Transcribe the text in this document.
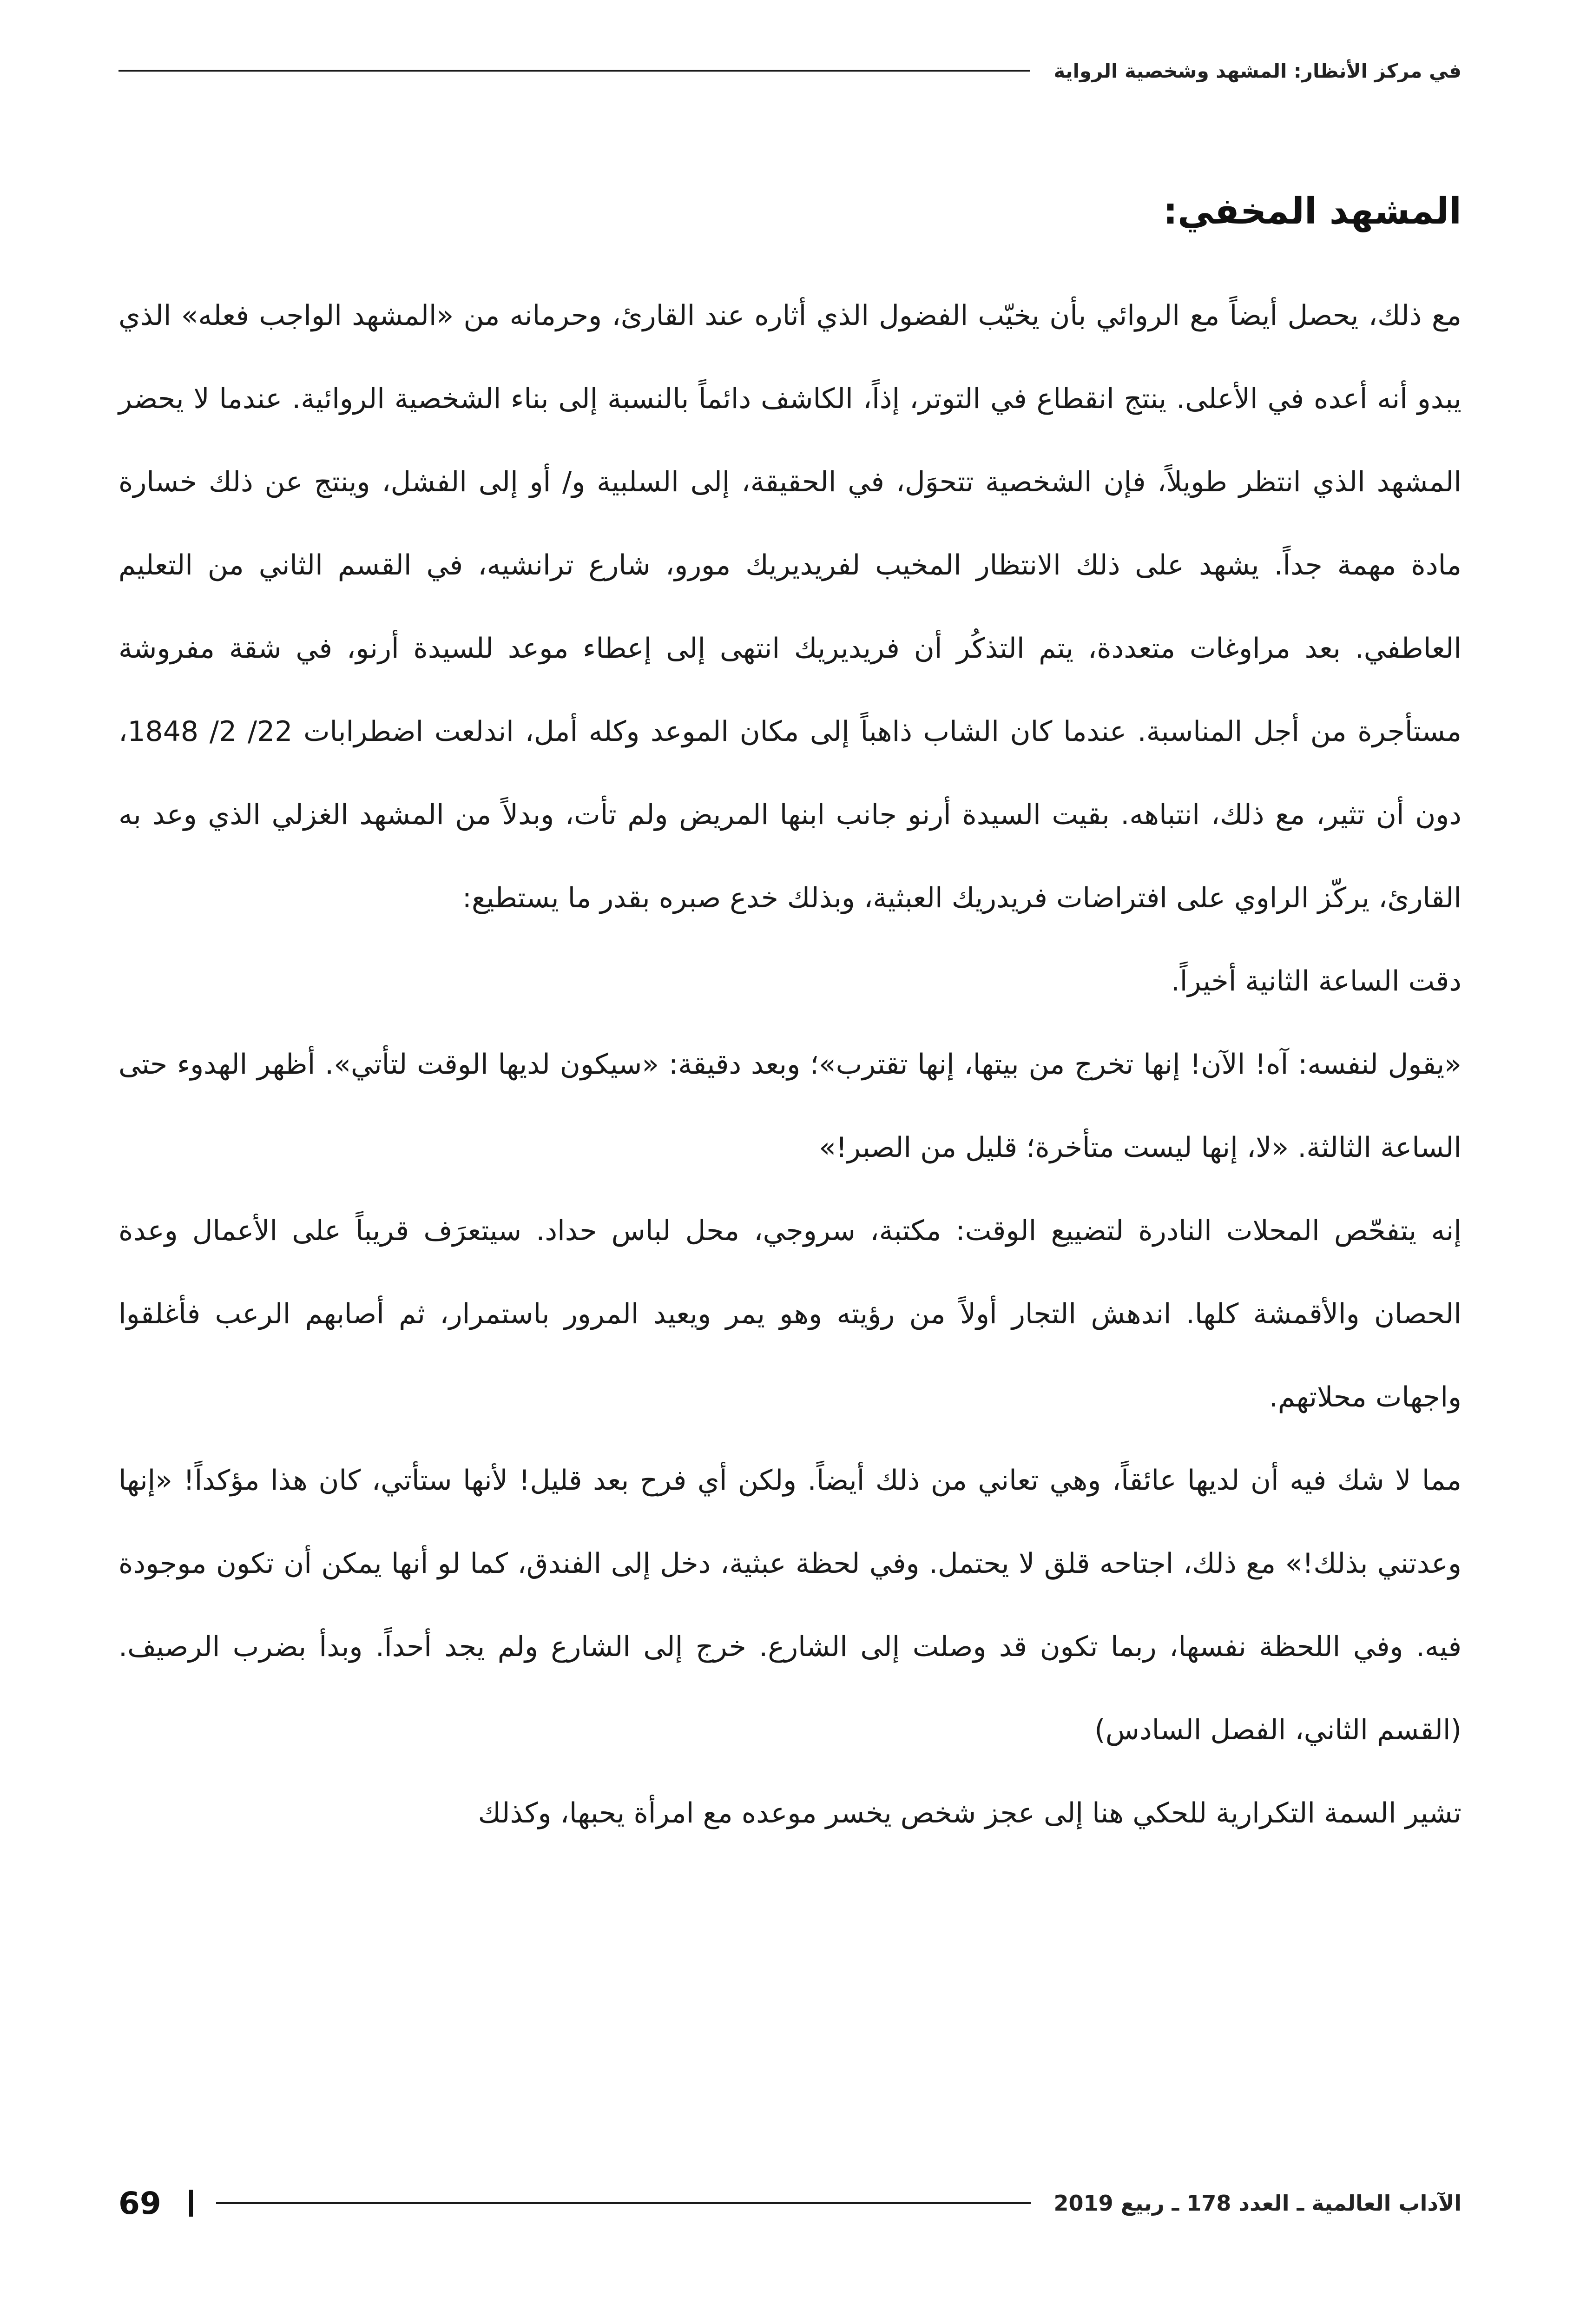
في مركز الأنظار: المشهد وشخصية الرواية
المشهد المخفي:

مع ذلك، يحصل أيضاً مع الروائي بأن يخيّب الفضول الذي أثاره عند القارئ، وحرمانه من «المشهد الواجب فعله» الذي يبدو أنه أعده في الأعلى. ينتج انقطاع في التوتر، إذاً، الكاشف دائماً بالنسبة إلى بناء الشخصية الروائية. عندما لا يحضر المشهد الذي انتظر طويلاً، فإن الشخصية تتحوَل، في الحقيقة، إلى السلبية و/ أو إلى الفشل، وينتج عن ذلك خسارة مادة مهمة جداً. يشهد على ذلك الانتظار المخيب لفريديريك مورو، شارع ترانشيه، في القسم الثاني من التعليم العاطفي. بعد مراوغات متعددة، يتم التذكُر أن فريديريك انتهى إلى إعطاء موعد للسيدة أرنو، في شقة مفروشة مستأجرة من أجل المناسبة. عندما كان الشاب ذاهباً إلى مكان الموعد وكله أمل، اندلعت اضطرابات 22/ 2/ 1848، دون أن تثير، مع ذلك، انتباهه. بقيت السيدة أرنو جانب ابنها المريض ولم تأت، وبدلاً من المشهد الغزلي الذي وعد به القارئ، يركّز الراوي على افتراضات فريدريك العبثية، وبذلك خدع صبره بقدر ما يستطيع:

دقت الساعة الثانية أخيراً.

«يقول لنفسه: آه! الآن! إنها تخرج من بيتها، إنها تقترب»؛ وبعد دقيقة: «سيكون لديها الوقت لتأتي». أظهر الهدوء حتى الساعة الثالثة. «لا، إنها ليست متأخرة؛ قليل من الصبر!»

إنه يتفحّص المحلات النادرة لتضييع الوقت: مكتبة، سروجي، محل لباس حداد. سيتعرَف قريباً على الأعمال وعدة الحصان والأقمشة كلها. اندهش التجار أولاً من رؤيته وهو يمر ويعيد المرور باستمرار، ثم أصابهم الرعب فأغلقوا واجهات محلاتهم.

مما لا شك فيه أن لديها عائقاً، وهي تعاني من ذلك أيضاً. ولكن أي فرح بعد قليل! لأنها ستأتي، كان هذا مؤكداً! «إنها وعدتني بذلك!» مع ذلك، اجتاحه قلق لا يحتمل. وفي لحظة عبثية، دخل إلى الفندق، كما لو أنها يمكن أن تكون موجودة فيه. وفي اللحظة نفسها، ربما تكون قد وصلت إلى الشارع. خرج إلى الشارع ولم يجد أحداً. وبدأ بضرب الرصيف.(القسم الثاني، الفصل السادس)

تشير السمة التكرارية للحكي هنا إلى عجز شخص يخسر موعده مع امرأة يحبها، وكذلك

الآداب العالمية ـ العدد 178 ـ ربيع 2019
69
